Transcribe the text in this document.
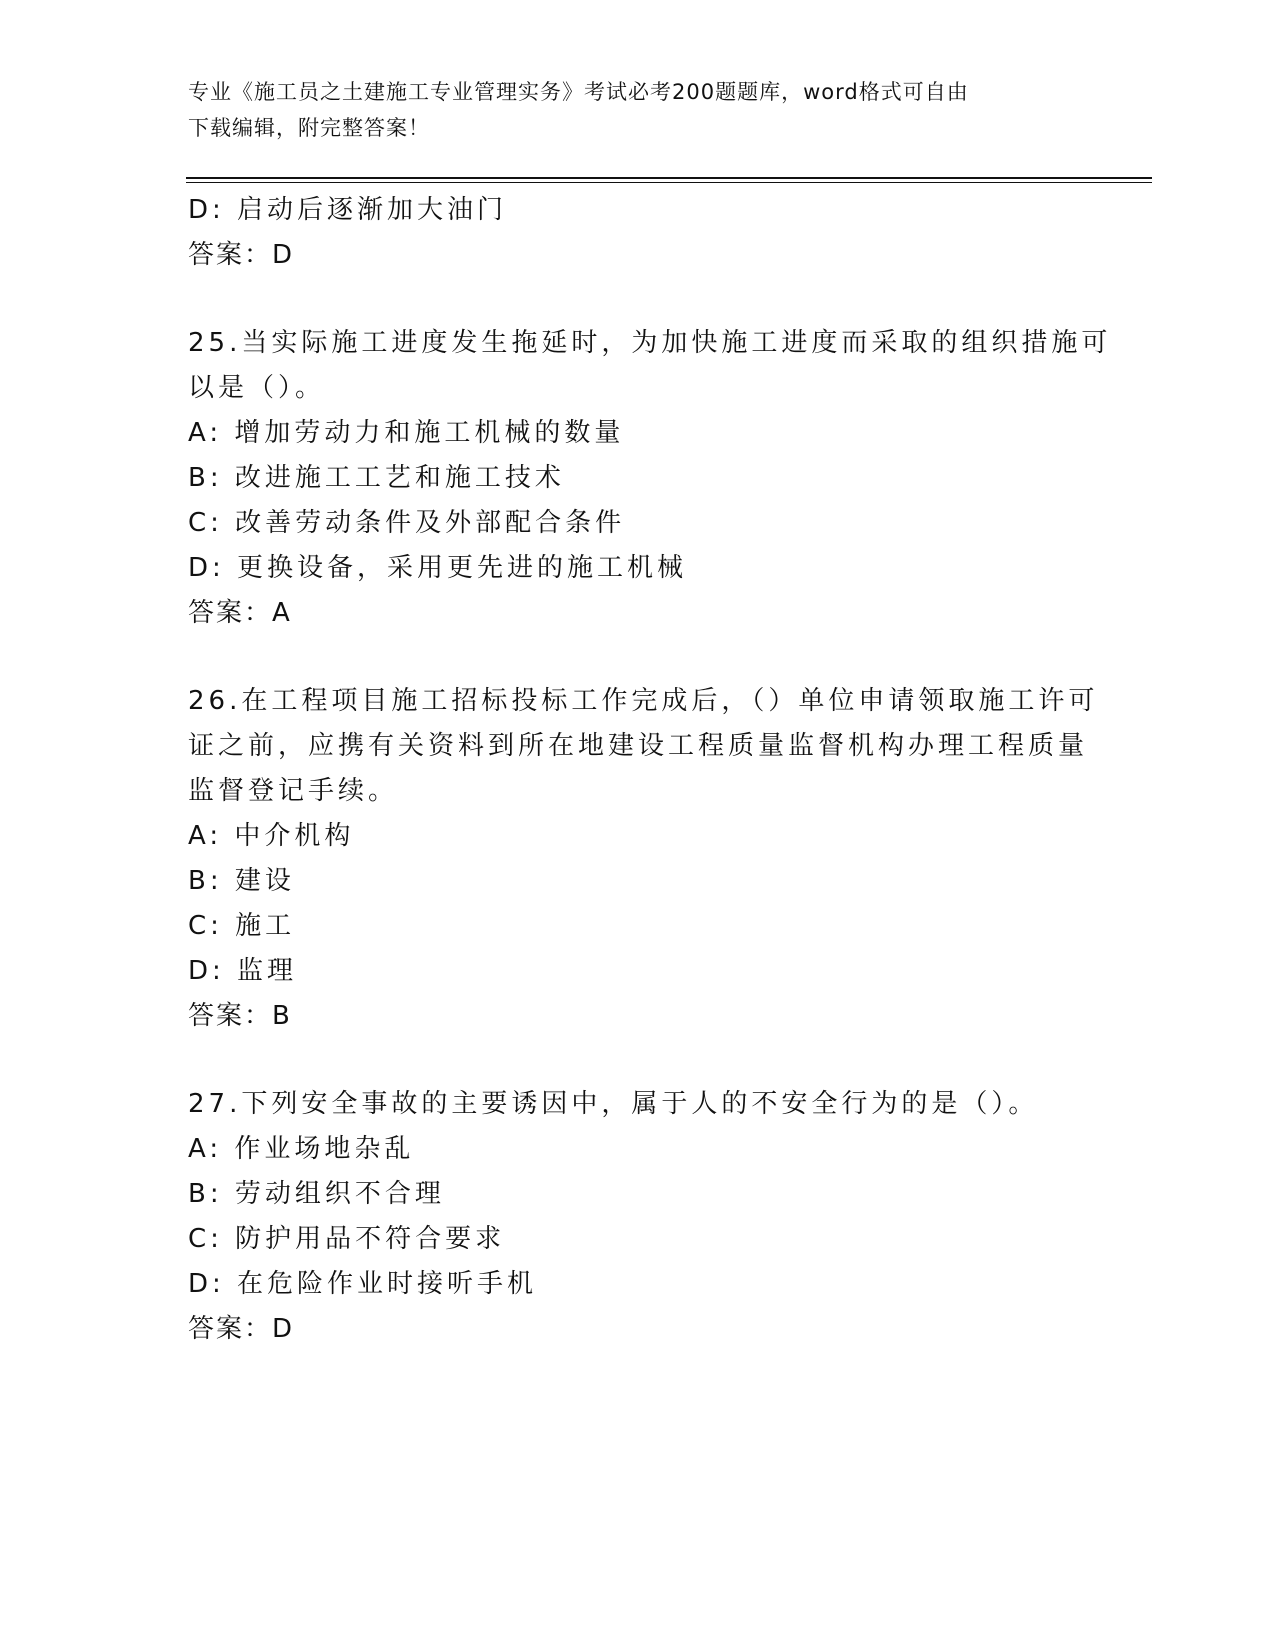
专业《施工员之土建施工专业管理实务》考试必考200题题库，word格式可自由
下载编辑，附完整答案！
D: 启动后逐渐加大油门
答案：D
25.当实际施工进度发生拖延时，为加快施工进度而采取的组织措施可
以是（）。
A: 增加劳动力和施工机械的数量
B: 改进施工工艺和施工技术
C: 改善劳动条件及外部配合条件
D: 更换设备，采用更先进的施工机械
答案：A
26.在工程项目施工招标投标工作完成后，（）单位申请领取施工许可
证之前，应携有关资料到所在地建设工程质量监督机构办理工程质量
监督登记手续。
A: 中介机构
B: 建设
C: 施工
D: 监理
答案：B
27.下列安全事故的主要诱因中，属于人的不安全行为的是（）。
A: 作业场地杂乱
B: 劳动组织不合理
C: 防护用品不符合要求
D: 在危险作业时接听手机
答案：D
